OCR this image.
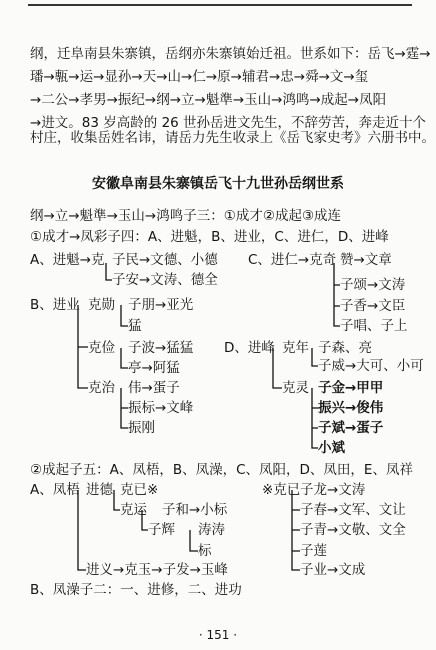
纲，迁阜南县朱寨镇，岳纲亦朱寨镇始迁祖。世系如下：岳飞→霆→
璠→甎→运→显孙→天→山→仁→原→辅君→忠→舜→文→玺
→二公→孝男→振纪→纲→立→魁準→玉山→鸿鸣→成起→凤阳
→进文。83 岁高龄的 26 世孙岳进文先生，不辞劳苦，奔走近十个
村庄，收集岳姓名讳，请岳力先生收录上《岳飞家史考》六册书中。
安徽阜南县朱寨镇岳飞十九世孙岳纲世系
纲→立→魁準→玉山→鸿鸣子三：①成才②成起③成连
①成才→凤彩子四：A、进魁，B、进业，C、进仁，D、进峰
A、进魁→克 子民→文德、小德
子安→文涛、德全
C、进仁→克奇 赞→文章
子颂→文涛
子香→文臣
子唱、子上
B、进业 克勋 子朋→亚光
猛
克俭 子波→猛猛
亭→阿猛
克治 伟→蛋子
振标→文峰
振刚
D、进峰 克年 子森、亮
子威→大可、小可
克灵 子金→甲甲
振兴→俊伟
子斌→蛋子
小斌
②成起子五：A、凤梧，B、凤澡，C、凤阳，D、凤田，E、凤祥
A、凤梧 进德 克已※
克运 子和→小标
子辉 涛涛
标
进义→克玉→子发→玉峰
※克已 子龙→文涛
子春→文军、文让
子青→文敬、文全
子莲
子业→文成
B、凤澡子二：一、进修，二、进功
· 151 ·
